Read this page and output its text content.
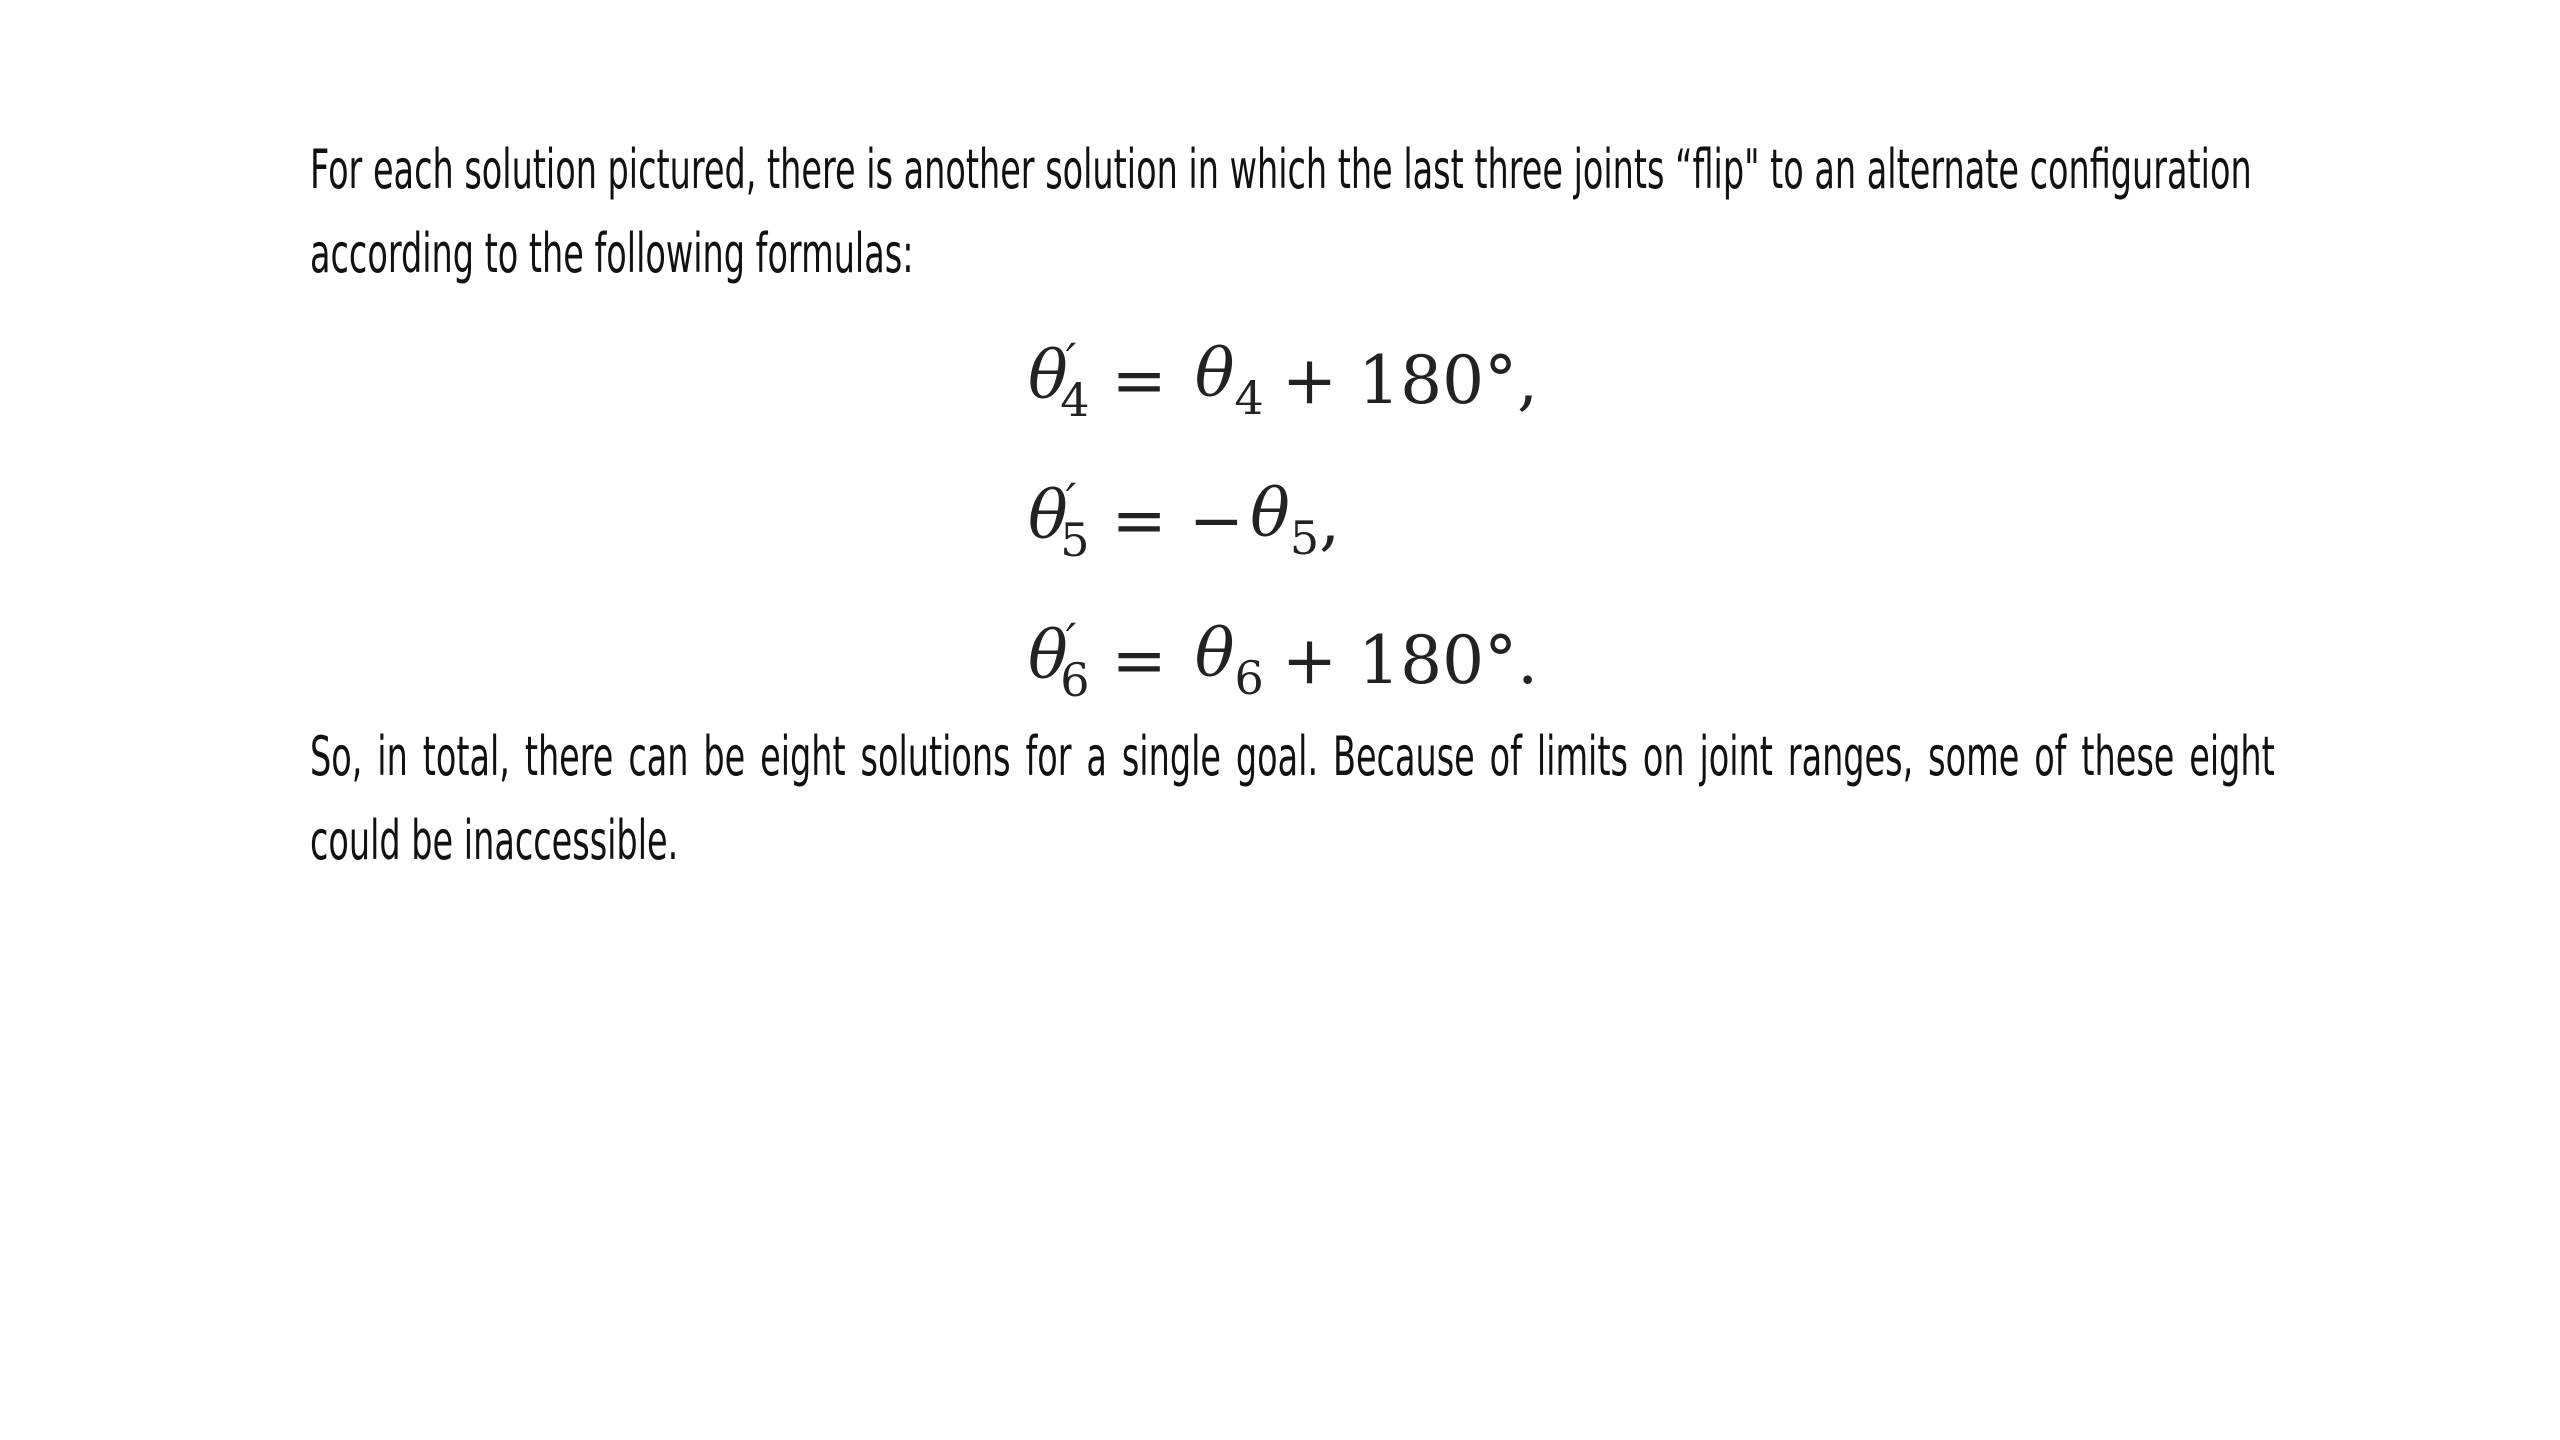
For each solution pictured, there is another solution in which the last three joints “flip" to an alternate configuration according to the following formulas:
$\theta'_4 = \theta_4 + 180^\circ$,
$\theta'_5$ = − $\theta_5$ ,
$\theta'_6 = \theta_6 + 180^\circ$.
So, in total, there can be eight solutions for a single goal. Because of limits on joint ranges, some of these eight could be inaccessible.
